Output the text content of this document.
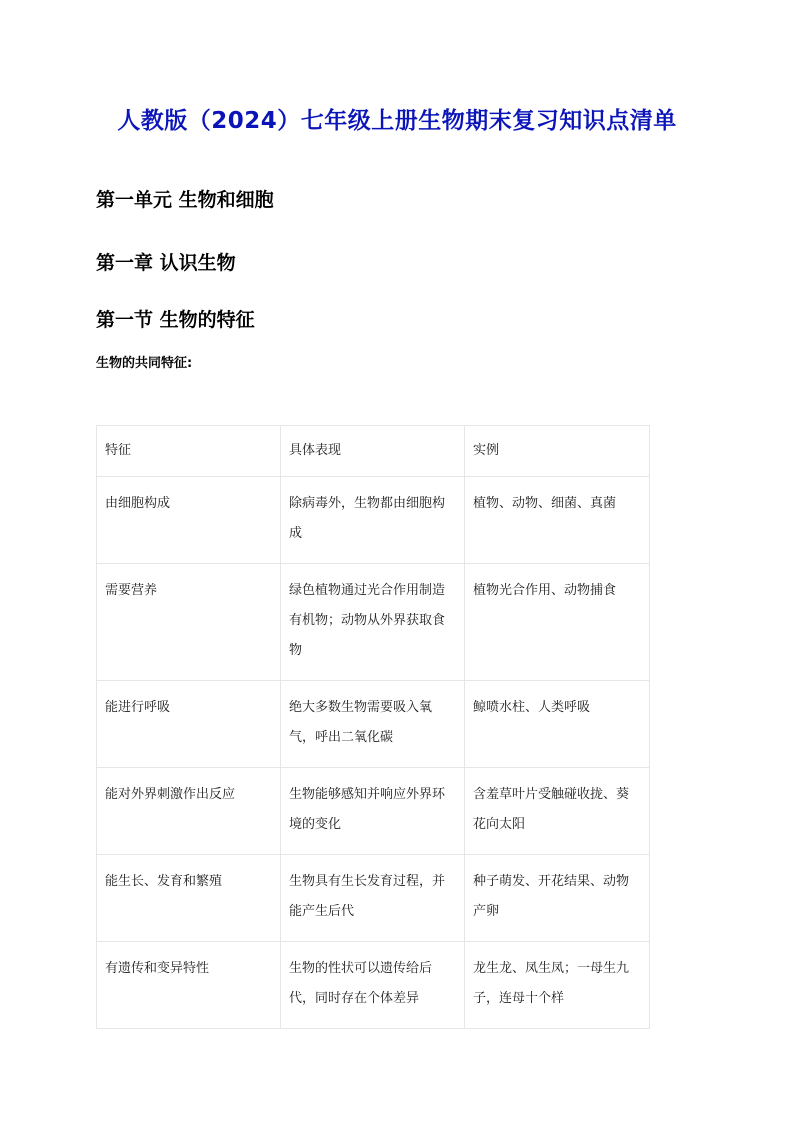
人教版（2024）七年级上册生物期末复习知识点清单
第一单元 生物和细胞
第一章 认识生物
第一节 生物的特征

生物的共同特征:

特征	具体表现	实例
由细胞构成	除病毒外，生物都由细胞构成	植物、动物、细菌、真菌
需要营养	绿色植物通过光合作用制造有机物；动物从外界获取食物	植物光合作用、动物捕食
能进行呼吸	绝大多数生物需要吸入氧气，呼出二氧化碳	鲸喷水柱、人类呼吸
能对外界刺激作出反应	生物能够感知并响应外界环境的变化	含羞草叶片受触碰收拢、葵花向太阳
能生长、发育和繁殖	生物具有生长发育过程，并能产生后代	种子萌发、开花结果、动物产卵
有遗传和变异特性	生物的性状可以遗传给后代，同时存在个体差异	龙生龙、凤生凤；一母生九子，连母十个样
